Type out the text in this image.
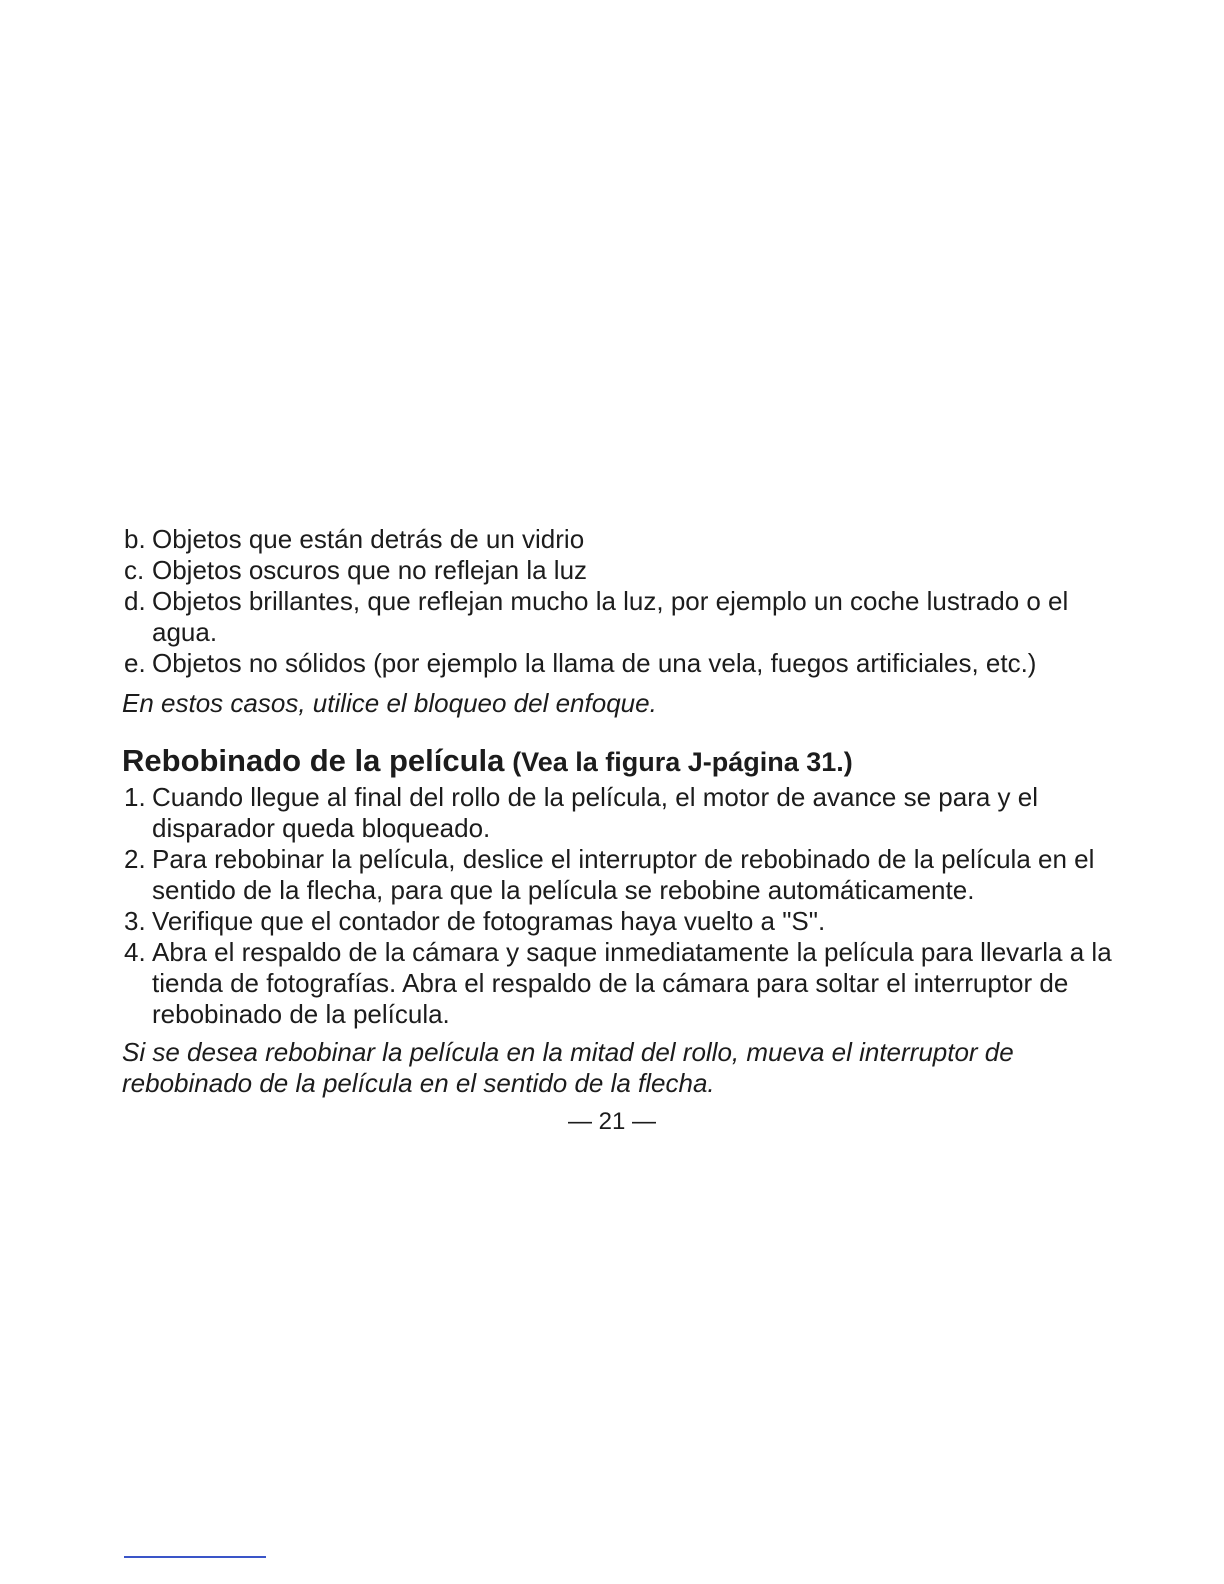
b. Objetos que están detrás de un vidrio

c. Objetos oscuros que no reflejan la luz

d. Objetos brillantes, que reflejan mucho la luz, por ejemplo un coche lustrado o el agua.

e. Objetos no sólidos (por ejemplo la llama de una vela, fuegos artificiales, etc.)

En estos casos, utilice el bloqueo del enfoque.

Rebobinado de la película (Vea la figura J-página 31.)

1. Cuando llegue al final del rollo de la película, el motor de avance se para y el disparador queda bloqueado.

2. Para rebobinar la película, deslice el interruptor de rebobinado de la película en el sentido de la flecha, para que la película se rebobine automáticamente.

3. Verifique que el contador de fotogramas haya vuelto a "S".

4. Abra el respaldo de la cámara y saque inmediatamente la película para llevarla a la tienda de fotografías. Abra el respaldo de la cámara para soltar el interruptor de rebobinado de la película.

Si se desea rebobinar la película en la mitad del rollo, mueva el interruptor de rebobinado de la película en el sentido de la flecha.

— 21 —
